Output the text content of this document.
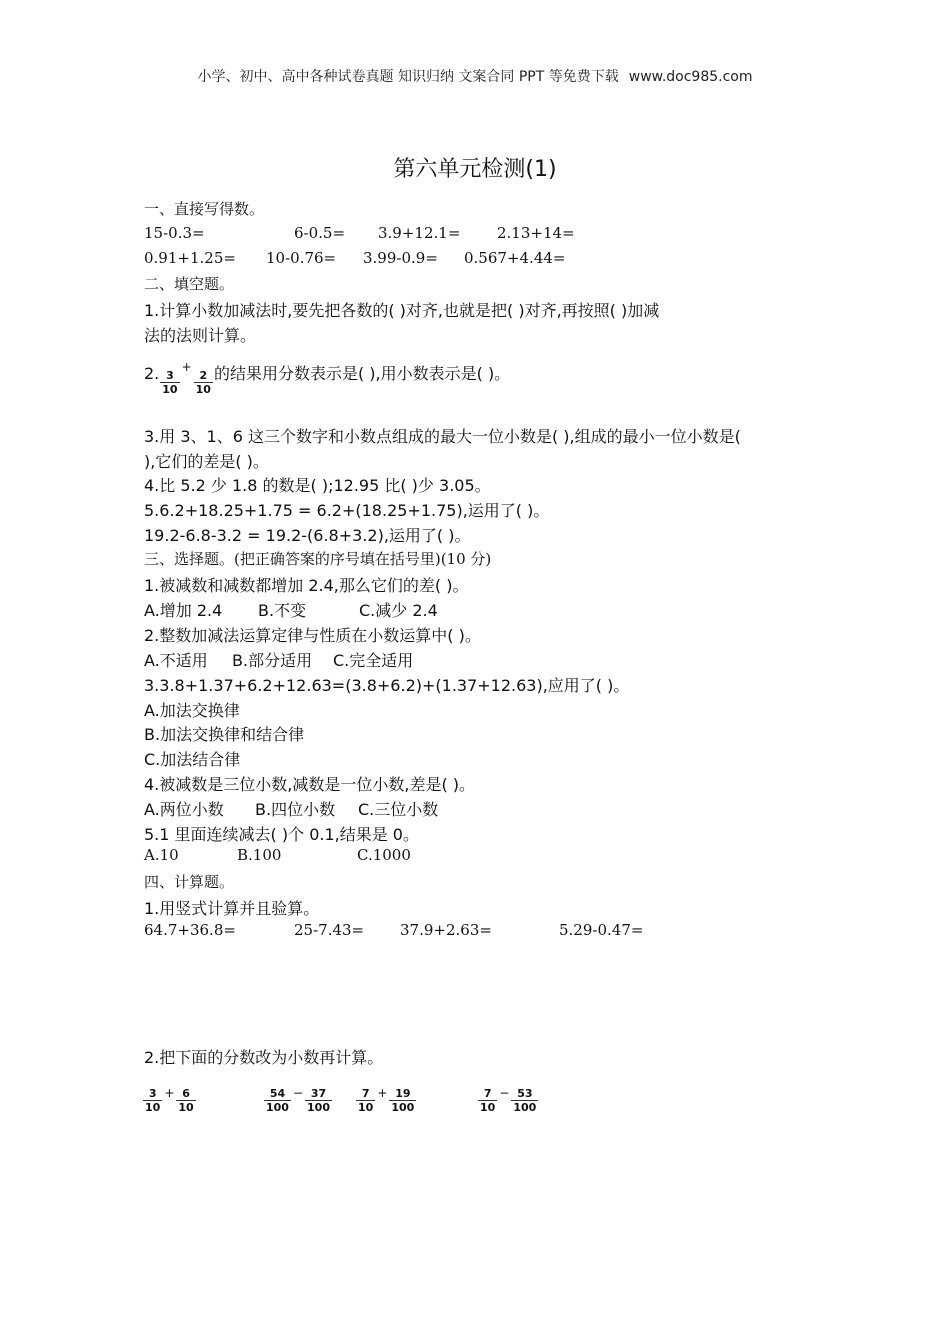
小学、初中、高中各种试卷真题 知识归纳 文案合同 PPT 等免费下载 www.doc985.com
第六单元检测(1)
一、直接写得数。
15-0.3=	6-0.5= 3.9+12.1= 2.13+14=
0.91+1.25= 10-0.76= 3.99-0.9= 0.567+4.44=
二、填空题。
1.计算小数加减法时,要先把各数的( )对齐,也就是把( )对齐,再按照( )加减
法的法则计算。
2. $\frac{3}{10}$
+
$\frac{2}{10}$ 的结果用分数表示是( ),用小数表示是( )。
3.用 3、1、6 这三个数字和小数点组成的最大一位小数是( ),组成的最小一位小数是(
),它们的差是( )。
4.比 5.2 少 1.8 的数是( );12.95 比( )少 3.05。
5.6.2+18.25+1.75 = 6.2+(18.25+1.75),运用了( )。
19.2-6.8-3.2 = 19.2-(6.8+3.2),运用了( )。
三、选择题。(把正确答案的序号填在括号里)(10 分)
1.被减数和减数都增加 2.4,那么它们的差( )。
A.增加 2.4 B.不变	C.减少 2.4
2.整数加减法运算定律与性质在小数运算中( )。
A.不适用 B.部分适用 C.完全适用
3.3.8+1.37+6.2+12.63=(3.8+6.2)+(1.37+12.63),应用了( )。
A.加法交换律
B.加法交换律和结合律
C.加法结合律
4.被减数是三位小数,减数是一位小数,差是( )。
A.两位小数 B.四位小数 C.三位小数
5.1 里面连续减去( )个 0.1,结果是 0。
A.10	B.100	C.1000
四、计算题。
1.用竖式计算并且验算。
64.7+36.8=	25-7.43= 37.9+2.63=	5.29-0.47=
2.把下面的分数改为小数再计算。
$\frac{3}{10} ^+ \frac{6}{10}$	$\frac{54}{100} ^- \frac{37}{100} \frac{7}{10} ^+ \frac{19}{100}$	$\frac{7}{10} ^- \frac{53}{100}$
